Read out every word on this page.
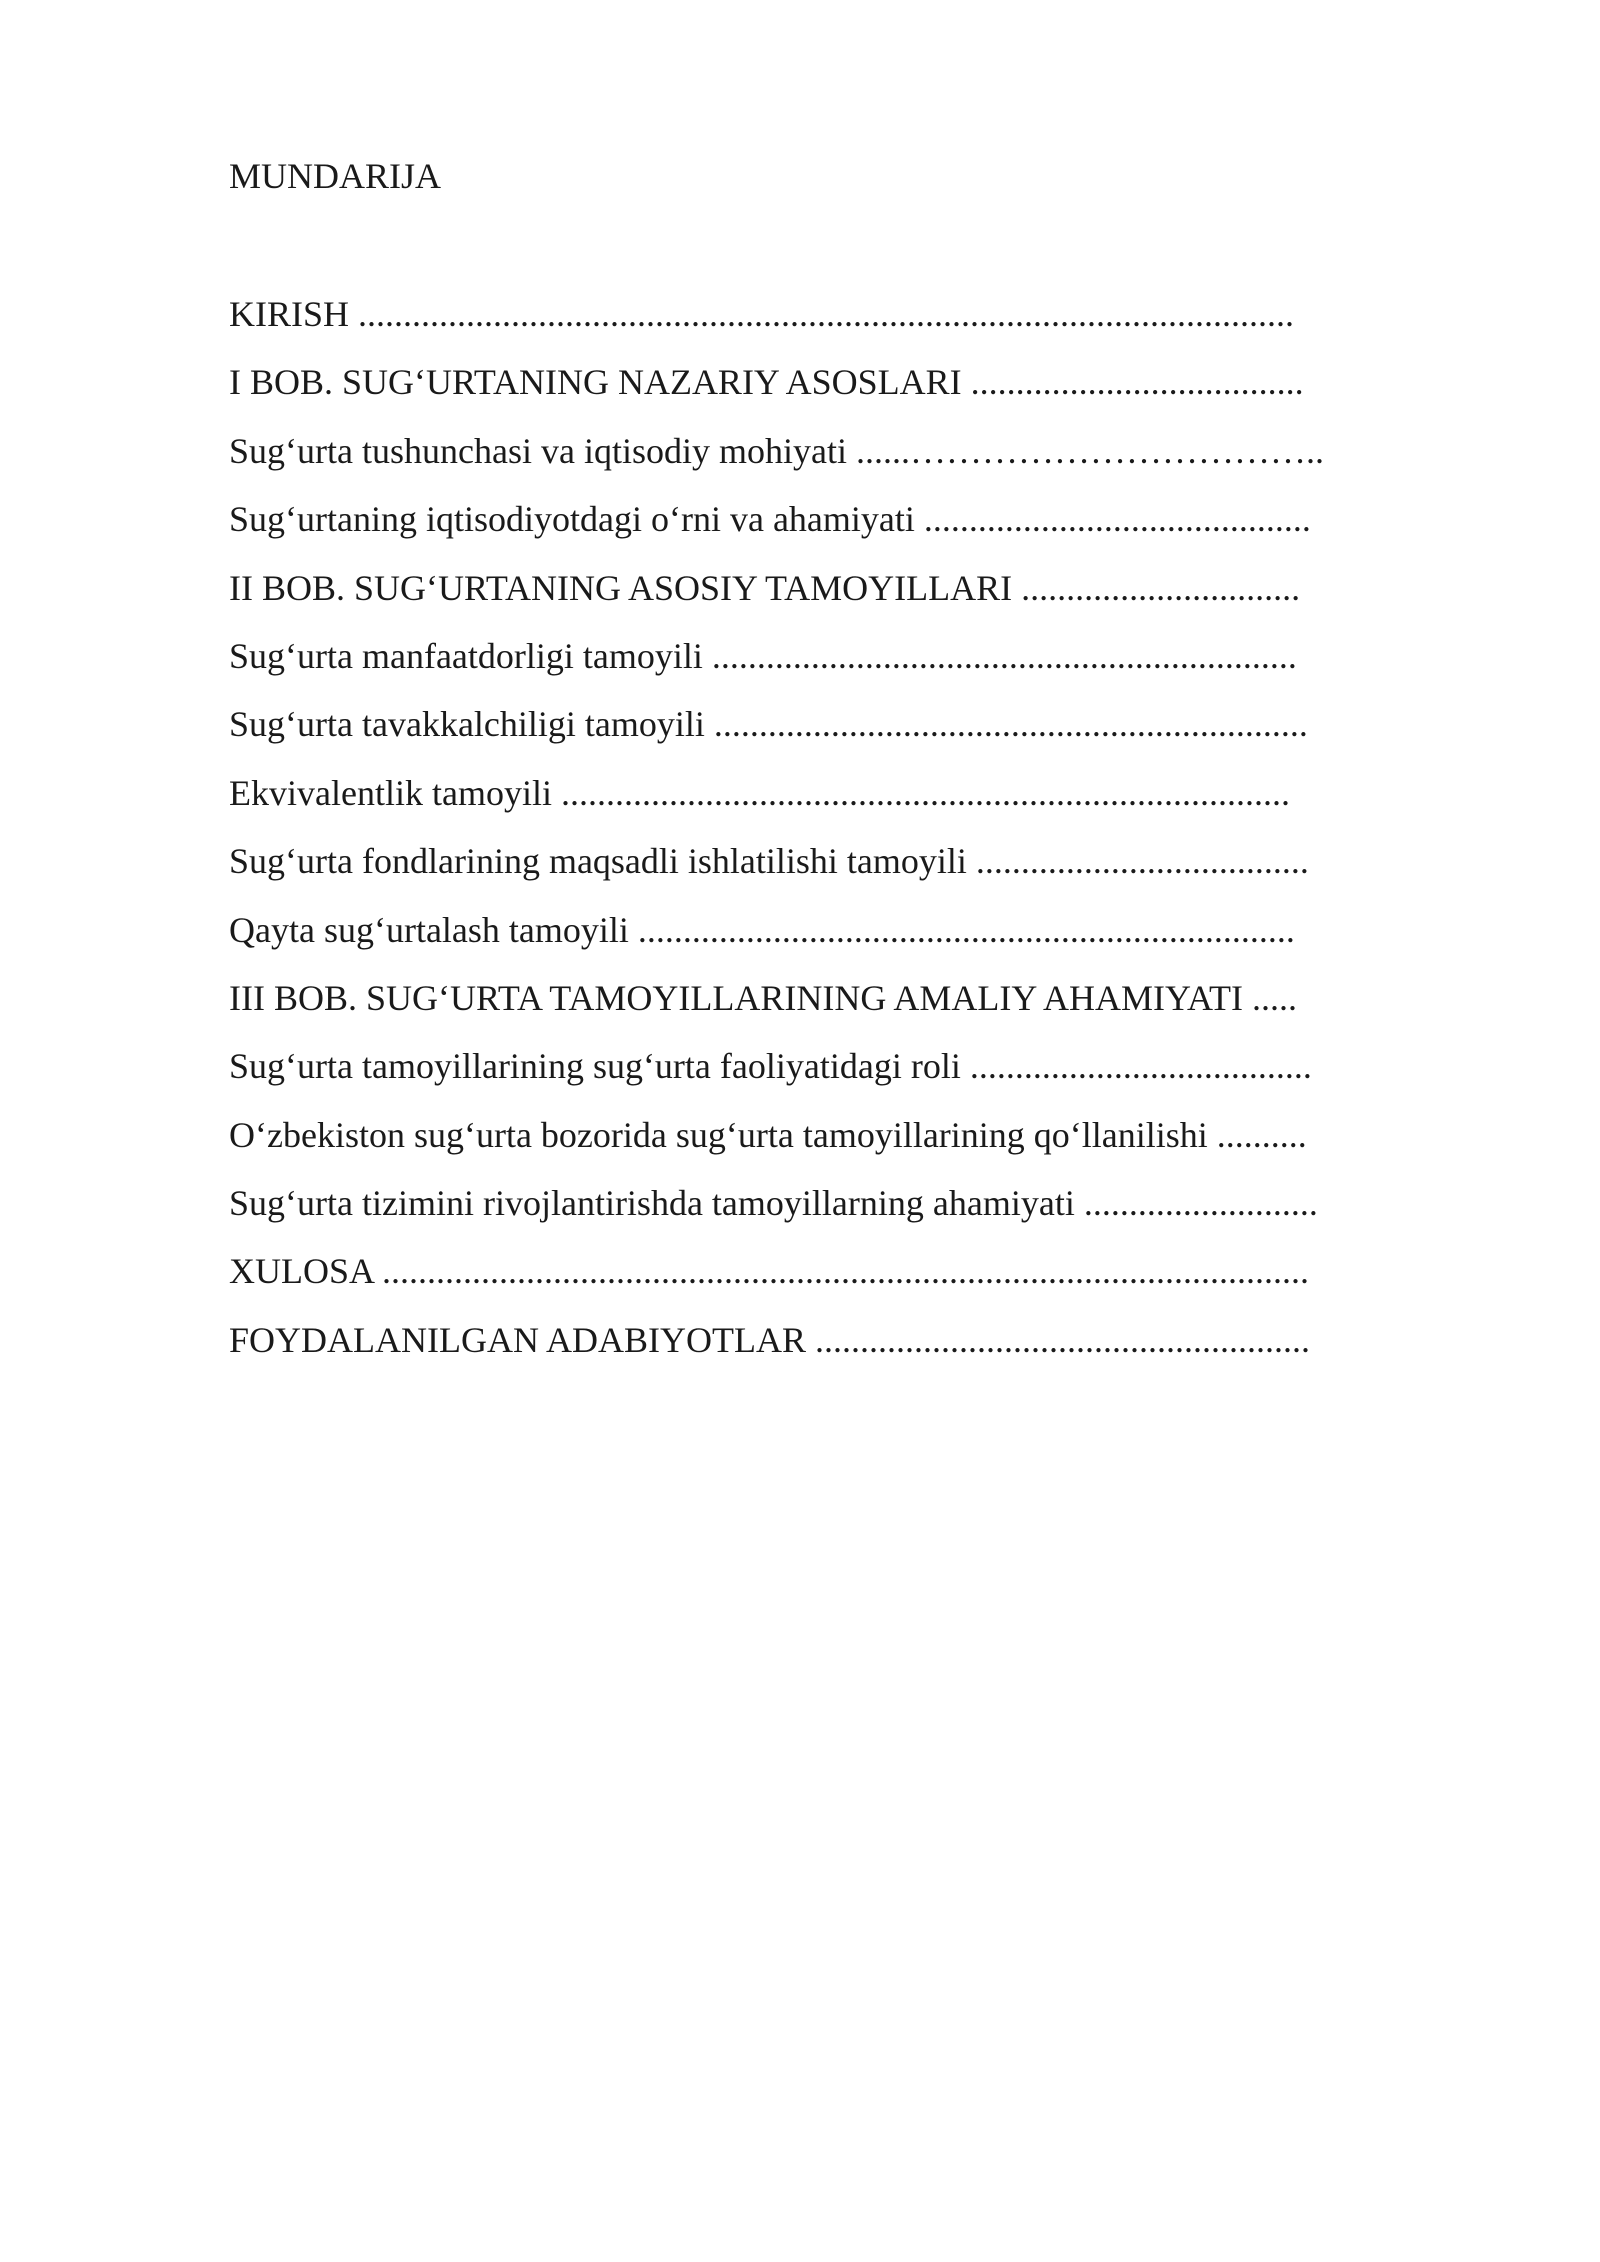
MUNDARIJA
KIRISH ........................................................................................................
I BOB. SUG‘URTANING NAZARIY ASOSLARI .....................................
Sug‘urta tushunchasi va iqtisodiy mohiyati ......……………………………..
Sug‘urtaning iqtisodiyotdagi o‘rni va ahamiyati ...........................................
II BOB. SUG‘URTANING ASOSIY TAMOYILLARI ...............................
Sug‘urta manfaatdorligi tamoyili .................................................................
Sug‘urta tavakkalchiligi tamoyili ..................................................................
Ekvivalentlik tamoyili .................................................................................
Sug‘urta fondlarining maqsadli ishlatilishi tamoyili .....................................
Qayta sug‘urtalash tamoyili .........................................................................
III BOB. SUG‘URTA TAMOYILLARINING AMALIY AHAMIYATI .....
Sug‘urta tamoyillarining sug‘urta faoliyatidagi roli ......................................
O‘zbekiston sug‘urta bozorida sug‘urta tamoyillarining qo‘llanilishi ..........
Sug‘urta tizimini rivojlantirishda tamoyillarning ahamiyati ..........................
XULOSA .......................................................................................................
FOYDALANILGAN ADABIYOTLAR .......................................................
